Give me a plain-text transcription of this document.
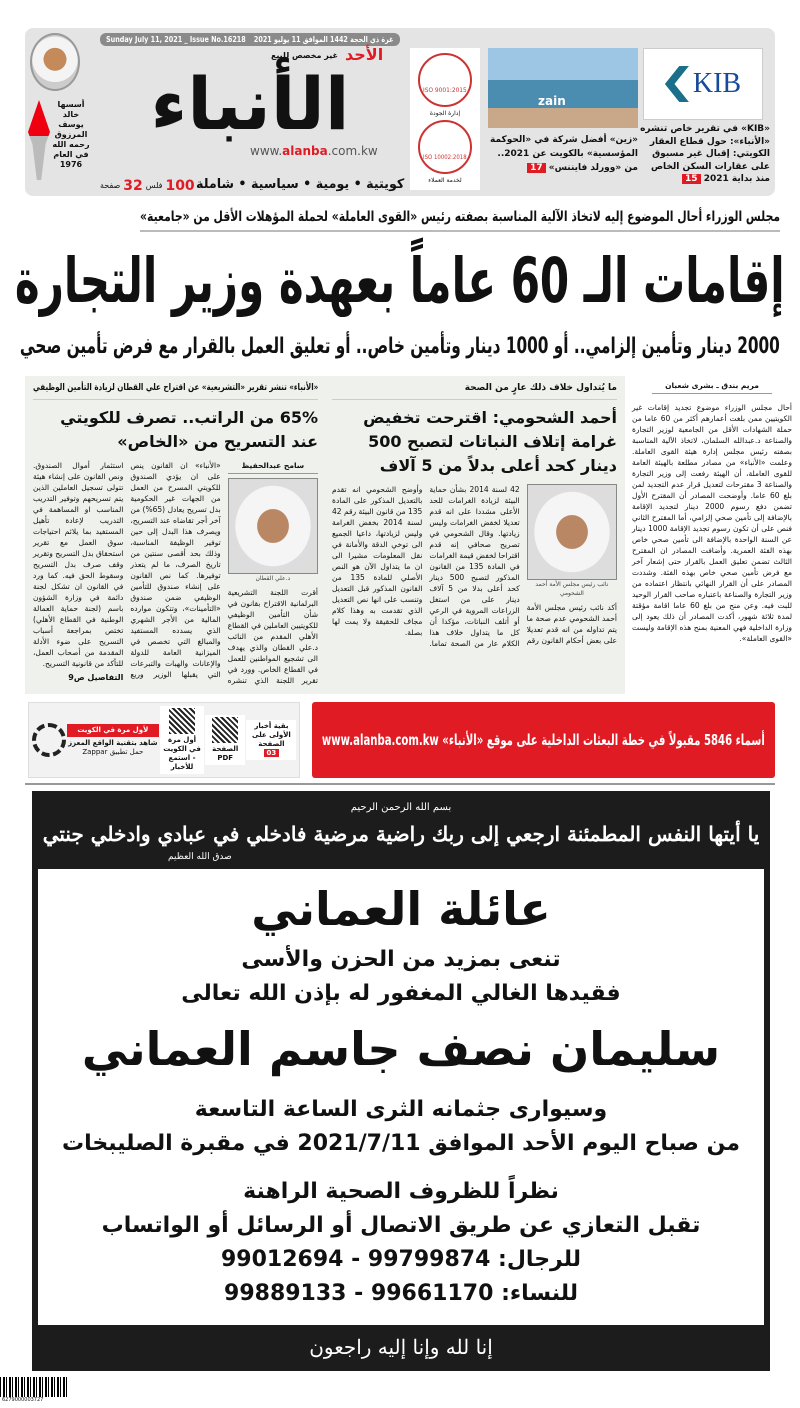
Sunday July 11, 2021 _ Issue No.16218 غرة ذي الحجة 1442 الموافق 11 يوليو 2021
أسسها خالد يوسف المرزوق رحمه الله في العام 1976
الأحد
غير مخصص للبيع
الأنباء
www.alanba.com.kw
كويتية • يومية • سياسية • شاملة
100
فلس
32
صفحة
ISO 9001:2015
إدارة الجودة
ISO 10002:2018
لخدمة العملاء
zain
«زين» أفضل شركة في «الحوكمة المؤسسية» بالكويت عن 2021.. من «وورلد فايننس» 17
KIB
«KIB» في تقرير خاص تنشره «الأنباء»: حول قطاع العقار الكويتي: إقبال غير مسبوق على عقارات السكن الخاص منذ بداية 2021 15
مجلس الوزراء أحال الموضوع إليه لاتخاذ الآلية المناسبة بصفته رئيس «القوى العاملة» لحملة المؤهلات الأقل من «جامعية»
إقامات الـ 60 عاماً بعهدة وزير التجارة
2000 دينار وتأمين إلزامي.. أو 1000 دينار وتأمين خاص.. أو تعليق العمل بالقرار مع فرض تأمين صحي
ما يُتداول خلاف ذلك عارٍ من الصحة
أحمد الشحومي: اقترحت تخفيض غرامة إتلاف النباتات لتصبح 500 دينار كحد أعلى بدلاً من 5 آلاف
نائب رئيس مجلس الأمة أحمد الشحومي
أكد نائب رئيس مجلس الأمة أحمد الشحومي عدم صحة ما يتم تداوله من انه قدم تعديلا على بعض أحكام القانون رقم 42 لسنة 2014 بشأن حماية البيئة لزيادة الغرامات للحد الأعلى مشددا على انه قدم تعديلا لخفض الغرامات وليس زيادتها. وقال الشحومي في تصريح صحافي إنه قدم اقتراحا لخفض قيمة الغرامات في المادة 135 من القانون المذكور لتصبح 500 دينار كحد أعلى بدلا من 5 آلاف دينار على من استغل الزراعات المروية في الرعي أو أتلف النباتات، مؤكدا أن كل ما يتداول خلاف هذا الكلام عار من الصحة تماما. وأوضح الشحومي انه تقدم بالتعديل المذكور على المادة 135 من قانون البيئة رقم 42 لسنة 2014 بخفض الغرامة وليس لزيادتها، داعيا الجميع الى توخي الدقة والأمانة في نقل المعلومات مشيرا الى ان ما يتداول الآن هو النص الأصلي للمادة 135 من القانون المذكور قبل التعديل وتنسب على انها نص التعديل الذي تقدمت به وهذا كلام مجاف للحقيقة ولا يمت لها بصلة.
«الأنباء» تنشر تقرير «التشريعية» عن اقتراح علي القطان لزيادة التأمين الوظيفي
65% من الراتب.. تصرف للكويتي عند التسريح من «الخاص»
سامح عبدالحفيظ
د.علي القطان
أقرت اللجنة التشريعية البرلمانية الاقتراح بقانون في شأن التأمين الوظيفي للكويتيين العاملين في القطاع الأهلي المقدم من النائب د.علي القطان والذي يهدف الى تشجيع المواطنين للعمل في القطاع الخاص. وورد في تقرير اللجنة الذي تنشره «الأنباء» ان القانون ينص على ان يؤدي الصندوق للكويتي المسرح من العمل من الجهات غير الحكومية بدل تسريح يعادل (65%) من آخر أجر تقاضاه عند التسريح، ويصرف هذا البدل إلى حين توفير الوظيفة المناسبة، وذلك بحد أقصى سنتين من تاريخ الصرف، ما لم يتعذر توفيرها. كما نص القانون على إنشاء صندوق للتأمين الوظيفي ضمن صندوق «التأمينات»، وتتكون موارده المالية من الأجر الشهري الذي يسدده المستفيد والمبالغ التي تخصص في الميزانية العامة للدولة والإعانات والهبات والتبرعات التي يقبلها الوزير وريع استثمار أموال الصندوق. ونص القانون على إنشاء هيئة تتولى تسجيل العاملين الذين يتم تسريحهم وتوفير التدريب المناسب او المساهمة في التدريب لإعادة تأهيل المستفيد بما يلائم احتياجات سوق العمل مع تقرير استحقاق بدل التسريح وتقرير وقف صرف بدل التسريح وسقوط الحق فيه. كما ورد في القانون ان تشكل لجنة دائمة في وزارة الشؤون باسم (لجنة حماية العمالة الوطنية في القطاع الأهلي) تختص بمراجعة أسباب التسريح على ضوء الأدلة المقدمة من أصحاب العمل، للتأكد من قانونية التسريح.
التفاصيل ص9
مريم بندق ـ بشرى شعبان
أحال مجلس الوزراء موضوع تجديد إقامات غير الكويتيين ممن بلغت أعمارهم أكثر من 60 عاما من حملة الشهادات الأقل من الجامعية لوزير التجارة والصناعة د.عبدالله السلمان، لاتخاذ الآلية المناسبة بصفته رئيس مجلس إدارة هيئة القوى العاملة. وعلمت «الأنباء» من مصادر مطلعة بالهيئة العامة للقوى العاملة، أن الهيئة رفعت إلى وزير التجارة والصناعة 3 مقترحات لتعديل قرار عدم التجديد لمن بلغ 60 عاما. وأوضحت المصادر أن المقترح الأول تضمن دفع رسوم 2000 دينار لتجديد الإقامة بالإضافة إلى تأمين صحي إلزامي، أما المقترح الثاني فنص على أن تكون رسوم تجديد الإقامة 1000 دينار عن السنة الواحدة بالإضافة الى تأمين صحي خاص بهذه الفئة العمرية. وأضافت المصادر ان المقترح الثالث تضمن تعليق العمل بالقرار حتى إشعار آخر مع فرض تأمين صحي خاص بهذه الفئة. وشددت المصادر على أن القرار النهائي بانتظار اعتماده من وزير التجارة والصناعة باعتباره صاحب القرار الوحيد للبت فيه. وعن منح من بلغ 60 عاما اقامة مؤقتة لمدة ثلاثة شهور، أكدت المصادر أن ذلك يعود إلى وزارة الداخلية فهي المعنية بمنح هذه الإقامة وليست «القوى العاملة».
بقية أخبار الأولى على الصفحة
03
الصفحة PDF
أول مرة في الكويت - استمع للأخبار
لأول مرة في الكويت
شاهد بتقنية الواقع المعزز
حمل تطبيق Zappar
أسماء 5846 مقبولاً في خطة البعثات الداخلية على موقع «الأنباء» www.alanba.com.kw
بسم الله الرحمن الرحيم
يا أيتها النفس المطمئنة ارجعي إلى ربك راضية مرضية فادخلي في عبادي وادخلي جنتي
صدق الله العظيم
عائلة العماني
تنعى بمزيد من الحزن والأسى
فقيدها الغالي المغفور له بإذن الله تعالى
سليمان نصف جاسم العماني
وسيوارى جثمانه الثرى الساعة التاسعة
من صباح اليوم الأحد الموافق 2021/7/11 في مقبرة الصليبخات
نظراً للظروف الصحية الراهنة
تقبل التعازي عن طريق الاتصال أو الرسائل أو الواتساب
للرجال: 99799874 - 99012694
للنساء: 99661170 - 99889133
إنا لله وإنا إليه راجعون
6279000003727
